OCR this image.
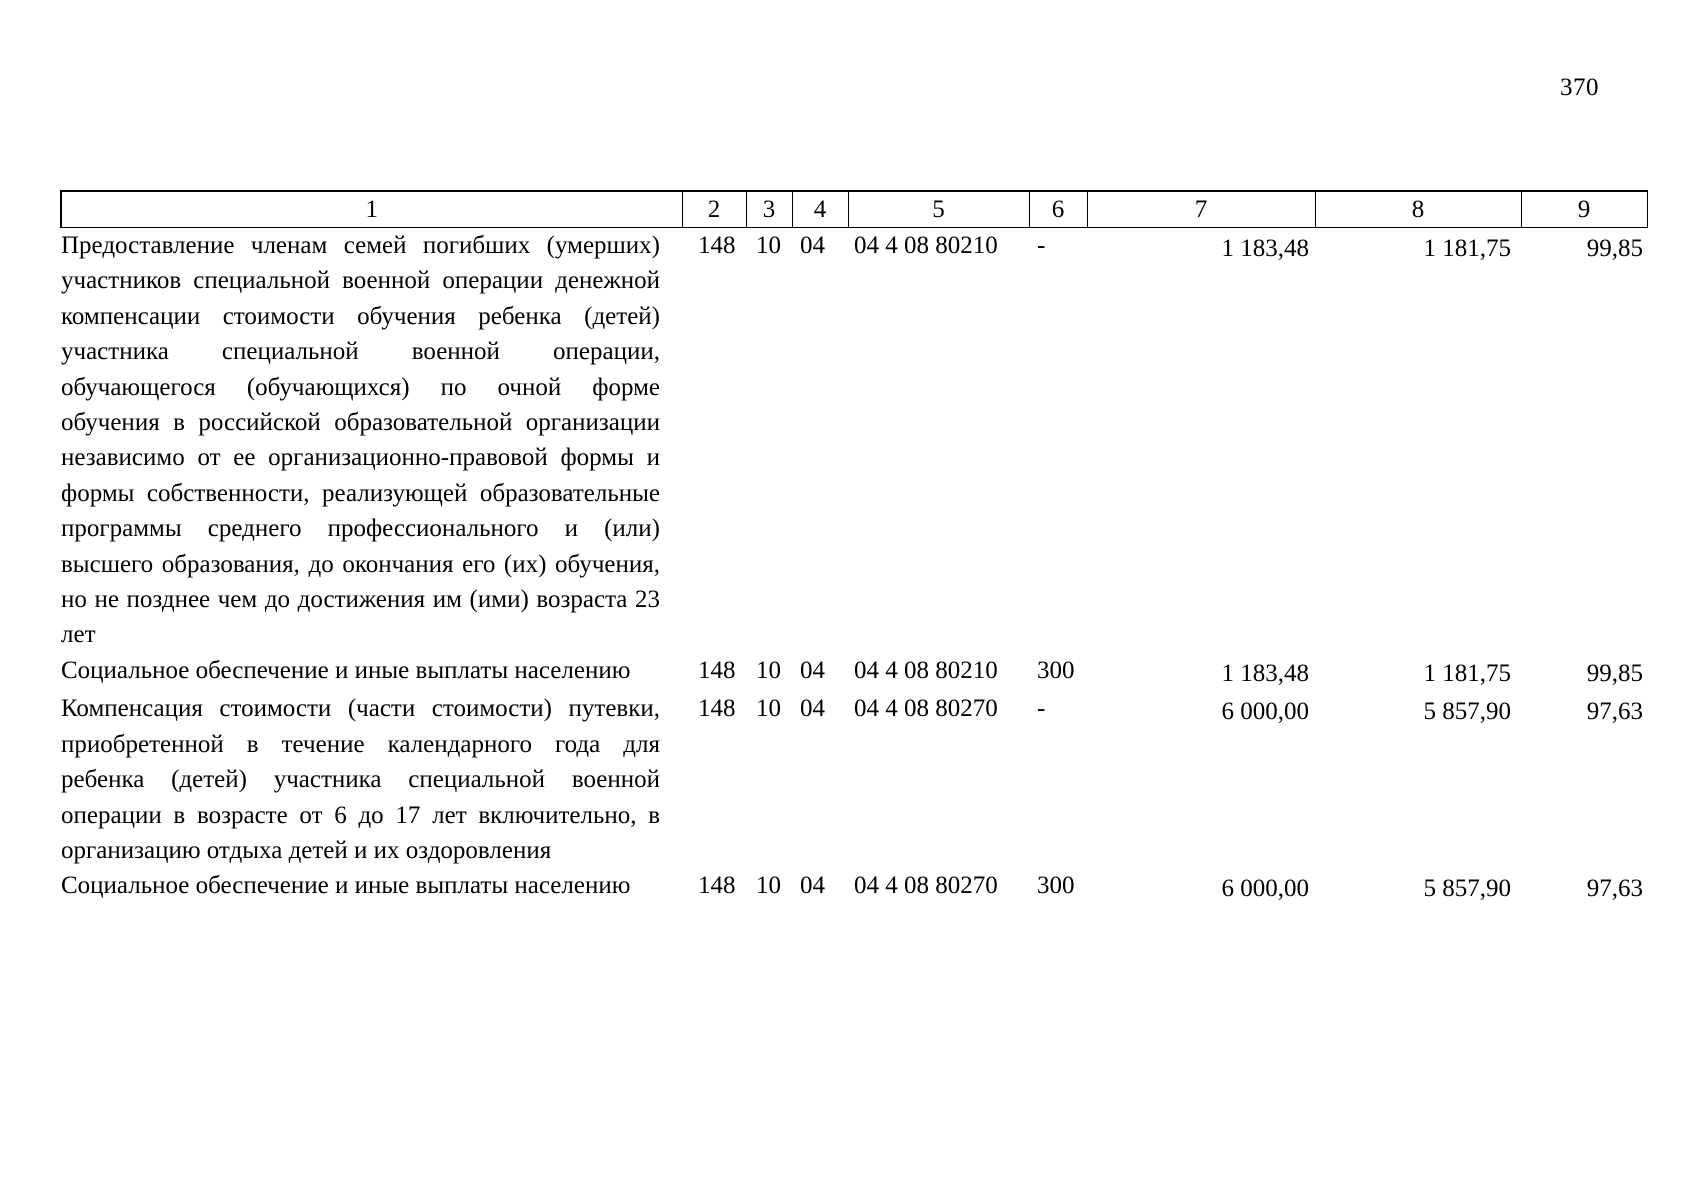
370
1	2	3	4	5	6	7	8	9
Предоставление членам семей погибших (умерших) участников специальной военной операции денежной компенсации стоимости обучения ребенка (детей) участника специальной военной операции, обучающегося (обучающихся) по очной форме обучения в российской образовательной организации независимо от ее организационно-правовой формы и формы собственности, реализующей образовательные программы среднего профессионального и (или) высшего образования, до окончания его (их) обучения, но не позднее чем до достижения им (ими) возраста 23 лет	148	10	04	04 4 08 80210	-	1 183,48	1 181,75	99,85
Социальное обеспечение и иные выплаты населению	148	10	04	04 4 08 80210	300	1 183,48	1 181,75	99,85
Компенсация стоимости (части стоимости) путевки, приобретенной в течение календарного года для ребенка (детей) участника специальной военной операции в возрасте от 6 до 17 лет включительно, в организацию отдыха детей и их оздоровления	148	10	04	04 4 08 80270	-	6 000,00	5 857,90	97,63
Социальное обеспечение и иные выплаты населению	148	10	04	04 4 08 80270	300	6 000,00	5 857,90	97,63
